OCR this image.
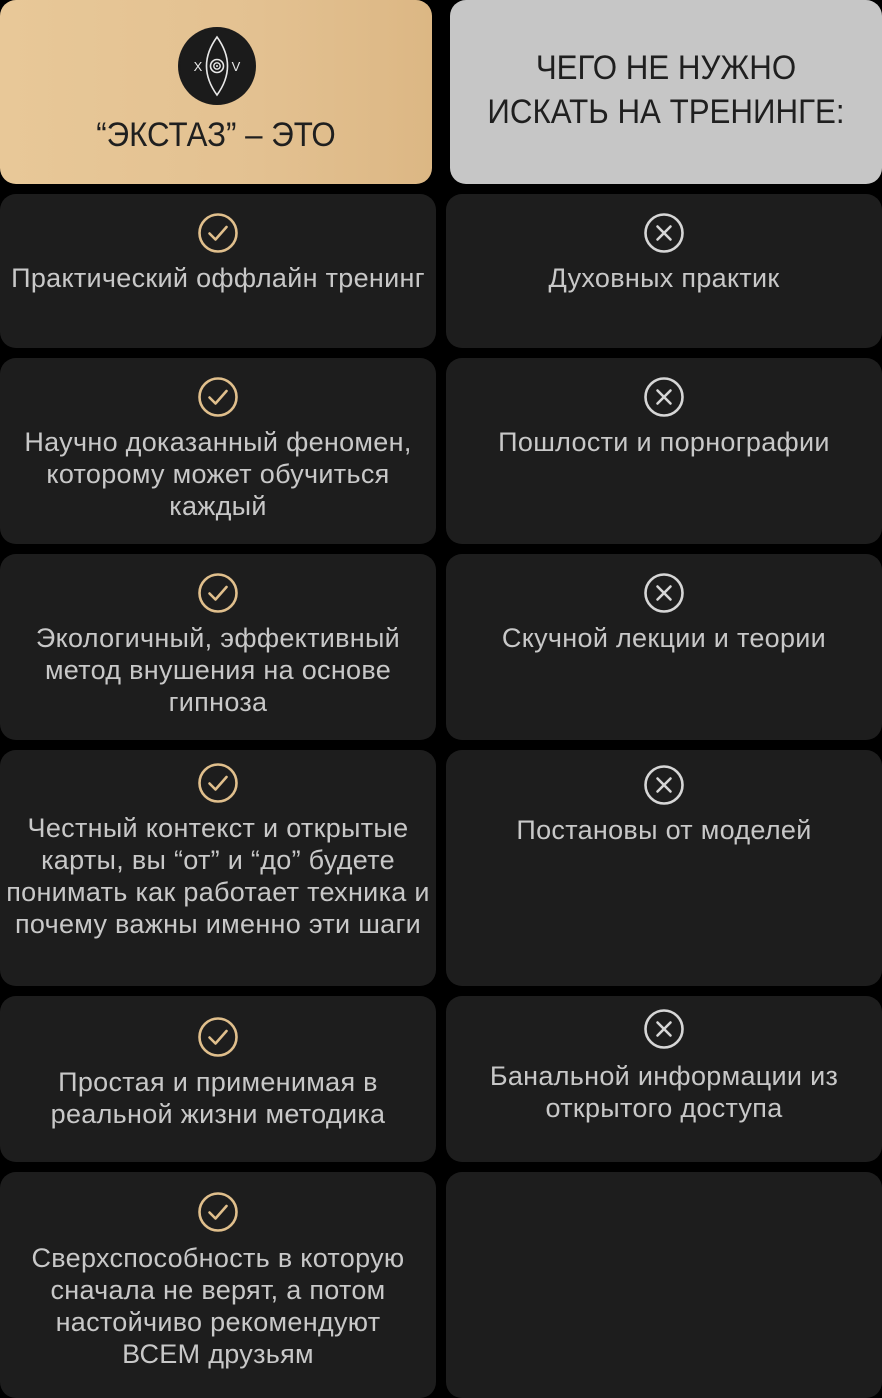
X V
“ЭКСТАЗ” – ЭТО
ЧЕГО НЕ НУЖНО
ИСКАТЬ НА ТРЕНИНГЕ:
Практический оффлайн тренинг	Духовных практик
Научно доказанный феномен, которому может обучиться каждый
Пошлости и порнографии
Экологичный, эффективный метод внушения на основе гипноза
Скучной лекции и теории
Честный контекст и открытые карты, вы “от” и “до” будете понимать как работает техника и почему важны именно эти шаги
Постановы от моделей
Простая и применимая в реальной жизни методика
Банальной информации из открытого доступа
Сверхспособность в которую сначала не верят, а потом настойчиво рекомендуют ВСЕМ друзьям
